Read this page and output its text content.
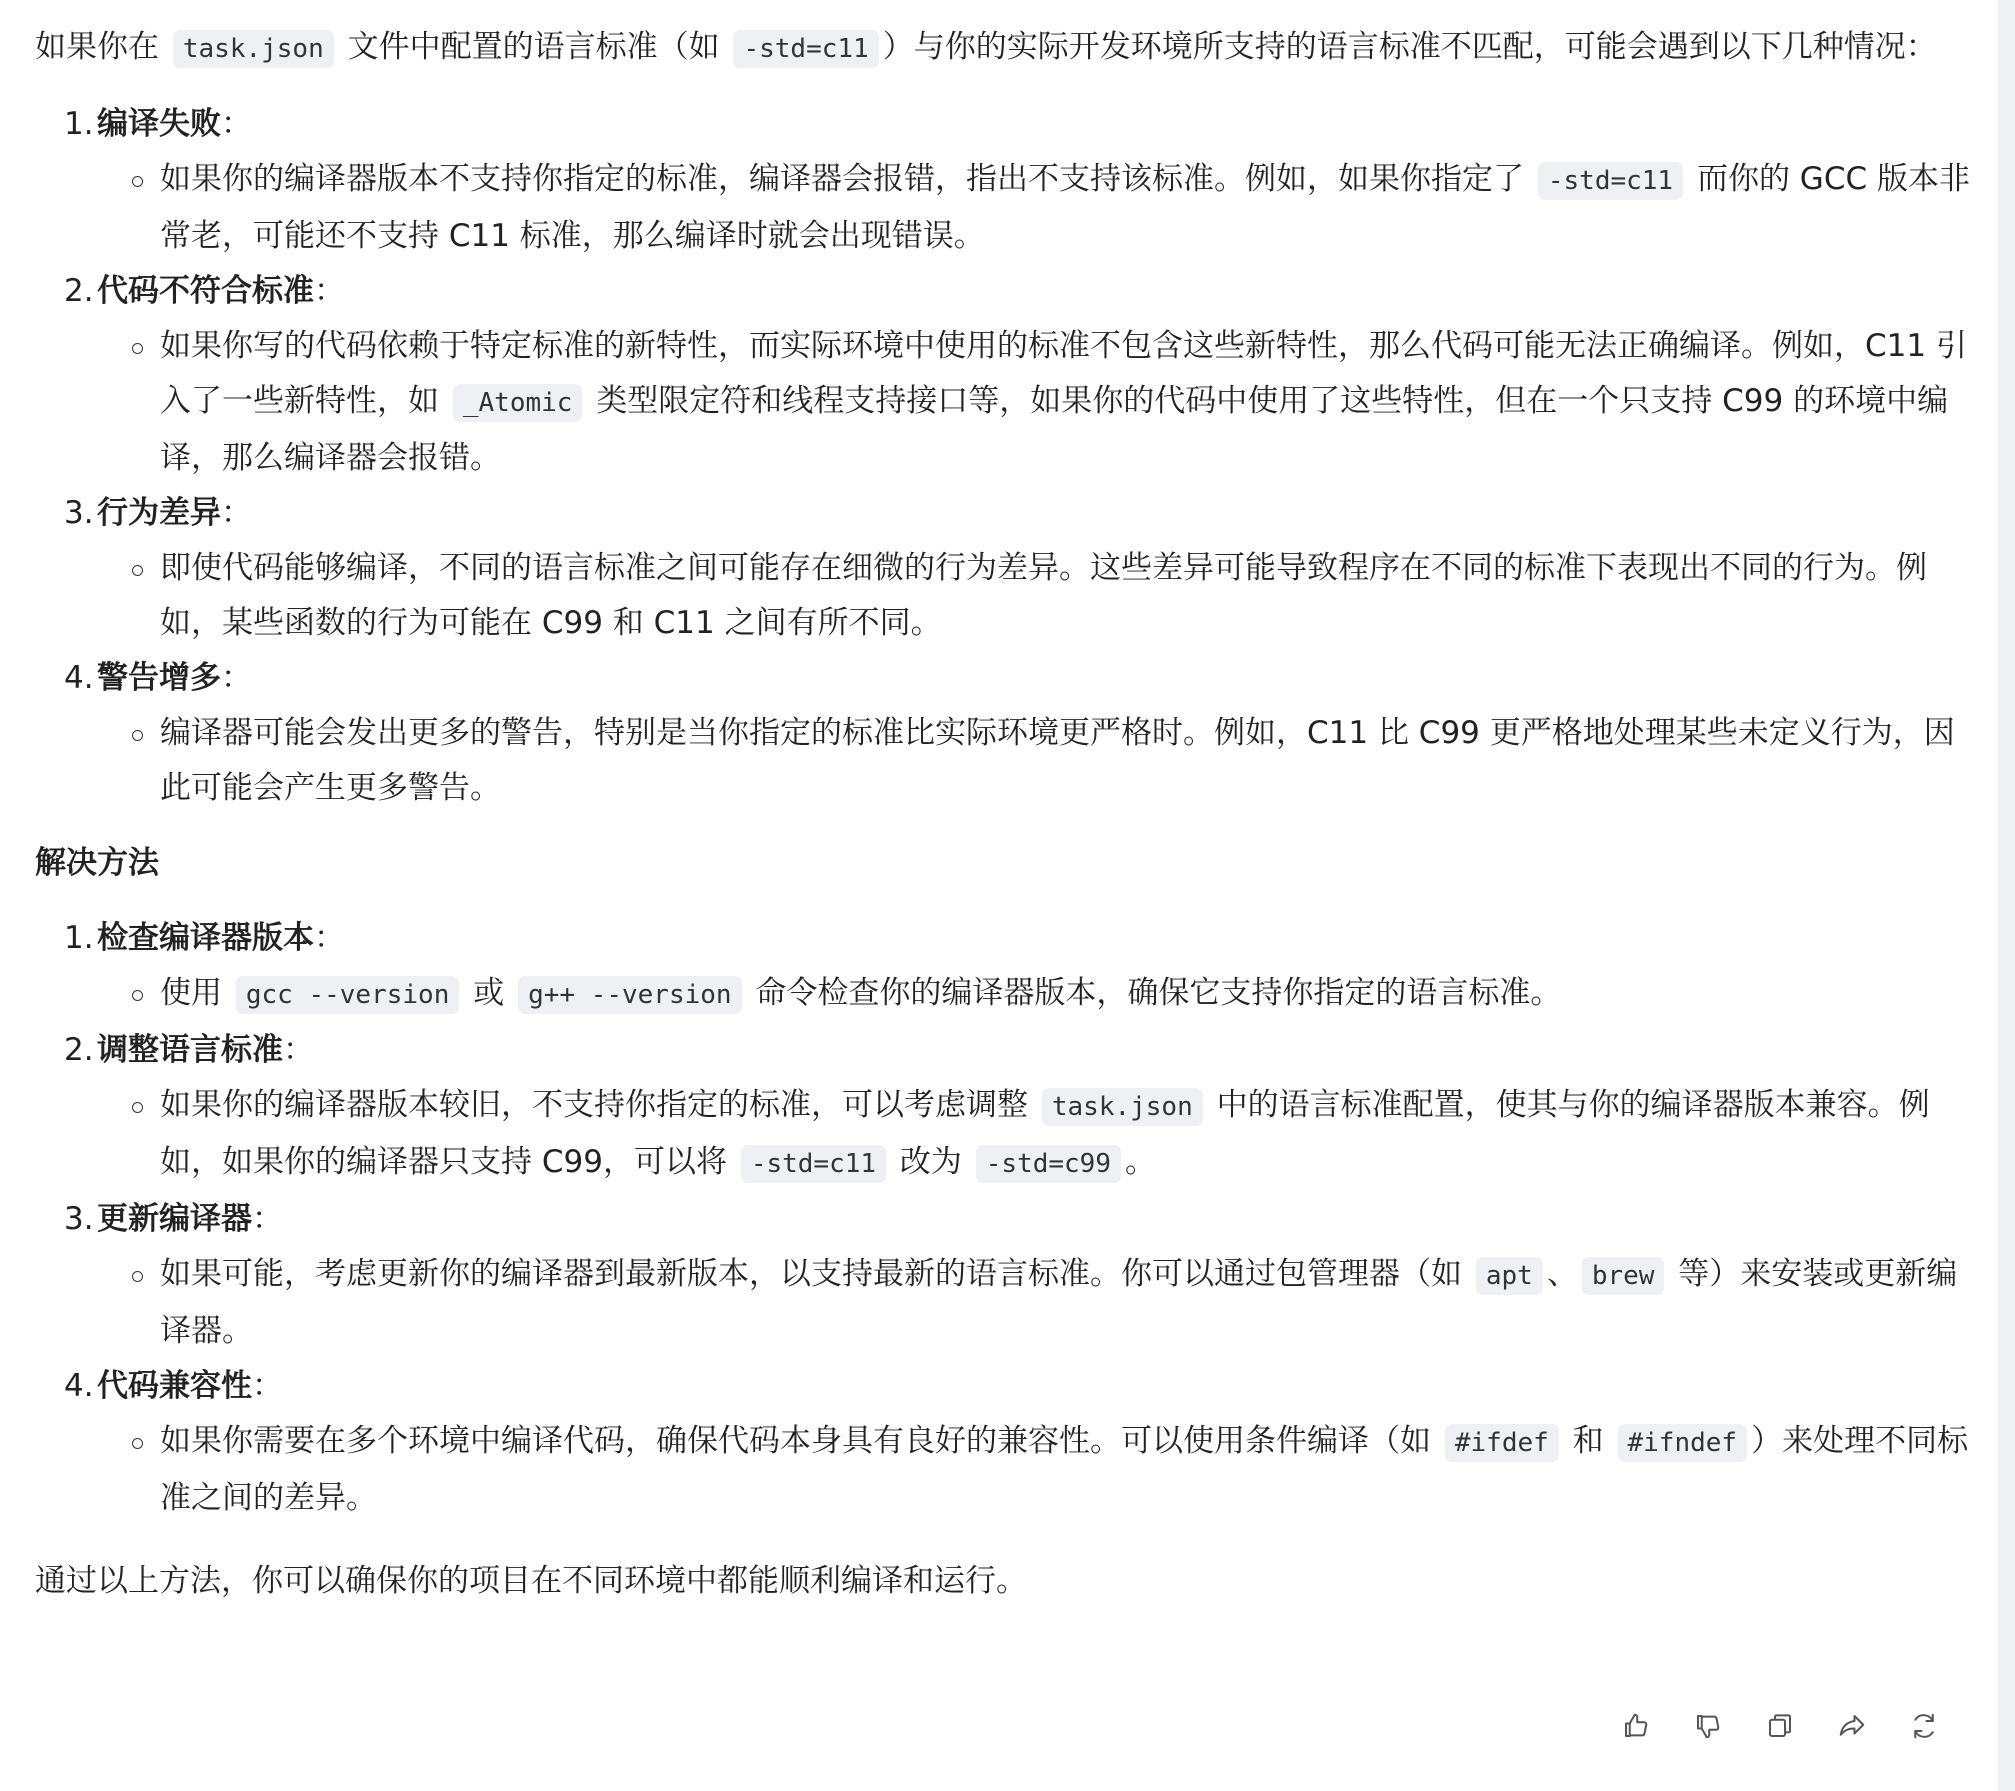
如果你在 task.json 文件中配置的语言标准（如 -std=c11 ）与你的实际开发环境所支持的语言标准不匹配，可能会遇到以下几种情况：

1. 编译失败：
如果你的编译器版本不支持你指定的标准，编译器会报错，指出不支持该标准。例如，如果你指定了 -std=c11 而你的 GCC 版本非常老，可能还不支持 C11 标准，那么编译时就会出现错误。
2. 代码不符合标准：
如果你写的代码依赖于特定标准的新特性，而实际环境中使用的标准不包含这些新特性，那么代码可能无法正确编译。例如，C11 引入了一些新特性，如 _Atomic 类型限定符和线程支持接口等，如果你的代码中使用了这些特性，但在一个只支持 C99 的环境中编译，那么编译器会报错。
3. 行为差异：
即使代码能够编译，不同的语言标准之间可能存在细微的行为差异。这些差异可能导致程序在不同的标准下表现出不同的行为。例如，某些函数的行为可能在 C99 和 C11 之间有所不同。
4. 警告增多：
编译器可能会发出更多的警告，特别是当你指定的标准比实际环境更严格时。例如，C11 比 C99 更严格地处理某些未定义行为，因此可能会产生更多警告。

解决方法

1. 检查编译器版本：
使用 gcc --version 或 g++ --version 命令检查你的编译器版本，确保它支持你指定的语言标准。
2. 调整语言标准：
如果你的编译器版本较旧，不支持你指定的标准，可以考虑调整 task.json 中的语言标准配置，使其与你的编译器版本兼容。例如，如果你的编译器只支持 C99，可以将 -std=c11 改为 -std=c99 。
3. 更新编译器：
如果可能，考虑更新你的编译器到最新版本，以支持最新的语言标准。你可以通过包管理器（如 apt 、 brew 等）来安装或更新编译器。
4. 代码兼容性：
如果你需要在多个环境中编译代码，确保代码本身具有良好的兼容性。可以使用条件编译（如 #ifdef 和 #ifndef ）来处理不同标准之间的差异。

通过以上方法，你可以确保你的项目在不同环境中都能顺利编译和运行。
